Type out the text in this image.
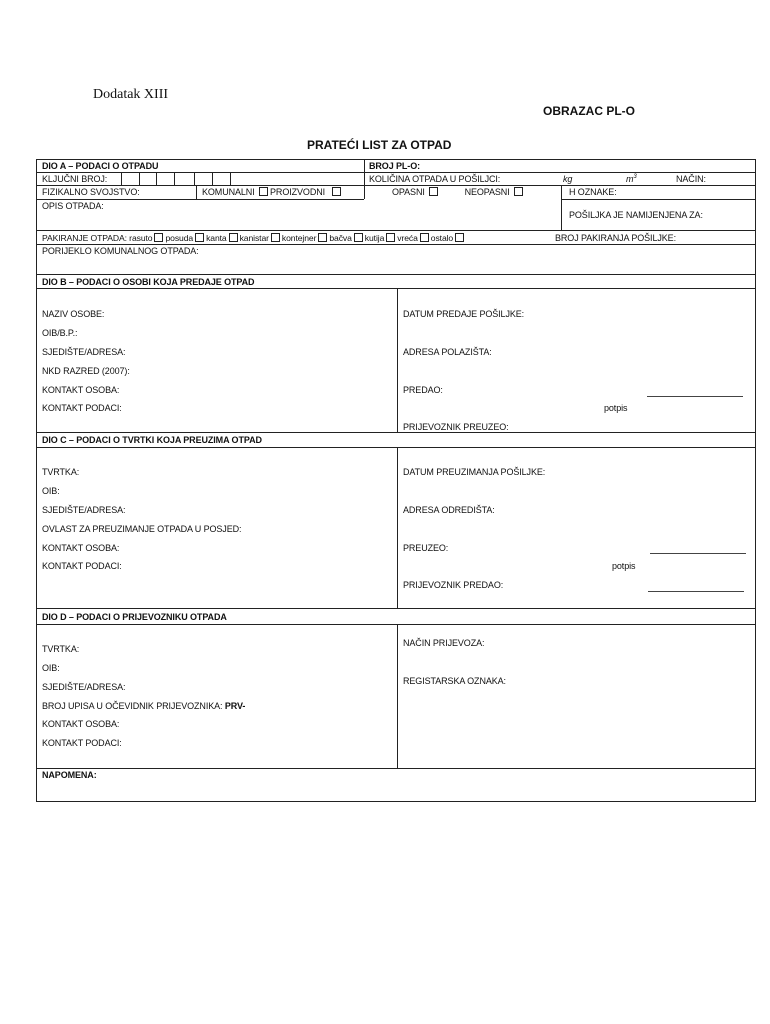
Dodatak XIII
OBRAZAC PL-O
PRATEĆI LIST ZA OTPAD
DIO A – PODACI O OTPADU	BROJ PL-O:
KLJUČNI BROJ:	KOLIČINA OTPADA U POŠILJCI:	kg	$m^3$	NAČIN:
FIZIKALNO SVOJSTVO:	KOMUNALNI PROIZVODNI	OPASNI	NEOPASNI	H OZNAKE:
OPIS OTPADA:
POŠILJKA JE NAMIJENJENA ZA:
PAKIRANJE OTPADA: rasuto posuda kanta kanistar kontejner bačva kutija vreća ostalo	BROJ PAKIRANJA POŠILJKE:
PORIJEKLO KOMUNALNOG OTPADA:
DIO B – PODACI O OSOBI KOJA PREDAJE OTPAD
NAZIV OSOBE:
OIB/B.P.:
SJEDIŠTE/ADRESA:
NKD RAZRED (2007):
KONTAKT OSOBA:
KONTAKT PODACI:
DATUM PREDAJE POŠILJKE:
ADRESA POLAZIŠTA:
PREDAO:
potpis
PRIJEVOZNIK PREUZEO:
DIO C – PODACI O TVRTKI KOJA PREUZIMA OTPAD
TVRTKA:
OIB:
SJEDIŠTE/ADRESA:
OVLAST ZA PREUZIMANJE OTPADA U POSJED:
KONTAKT OSOBA:
KONTAKT PODACI:
DATUM PREUZIMANJA POŠILJKE:
ADRESA ODREDIŠTA:
PREUZEO:
potpis
PRIJEVOZNIK PREDAO:
DIO D – PODACI O PRIJEVOZNIKU OTPADA
TVRTKA:
OIB:
SJEDIŠTE/ADRESA:
BROJ UPISA U OČEVIDNIK PRIJEVOZNIKA: PRV-
KONTAKT OSOBA:
KONTAKT PODACI:
NAČIN PRIJEVOZA:
REGISTARSKA OZNAKA:
NAPOMENA:
